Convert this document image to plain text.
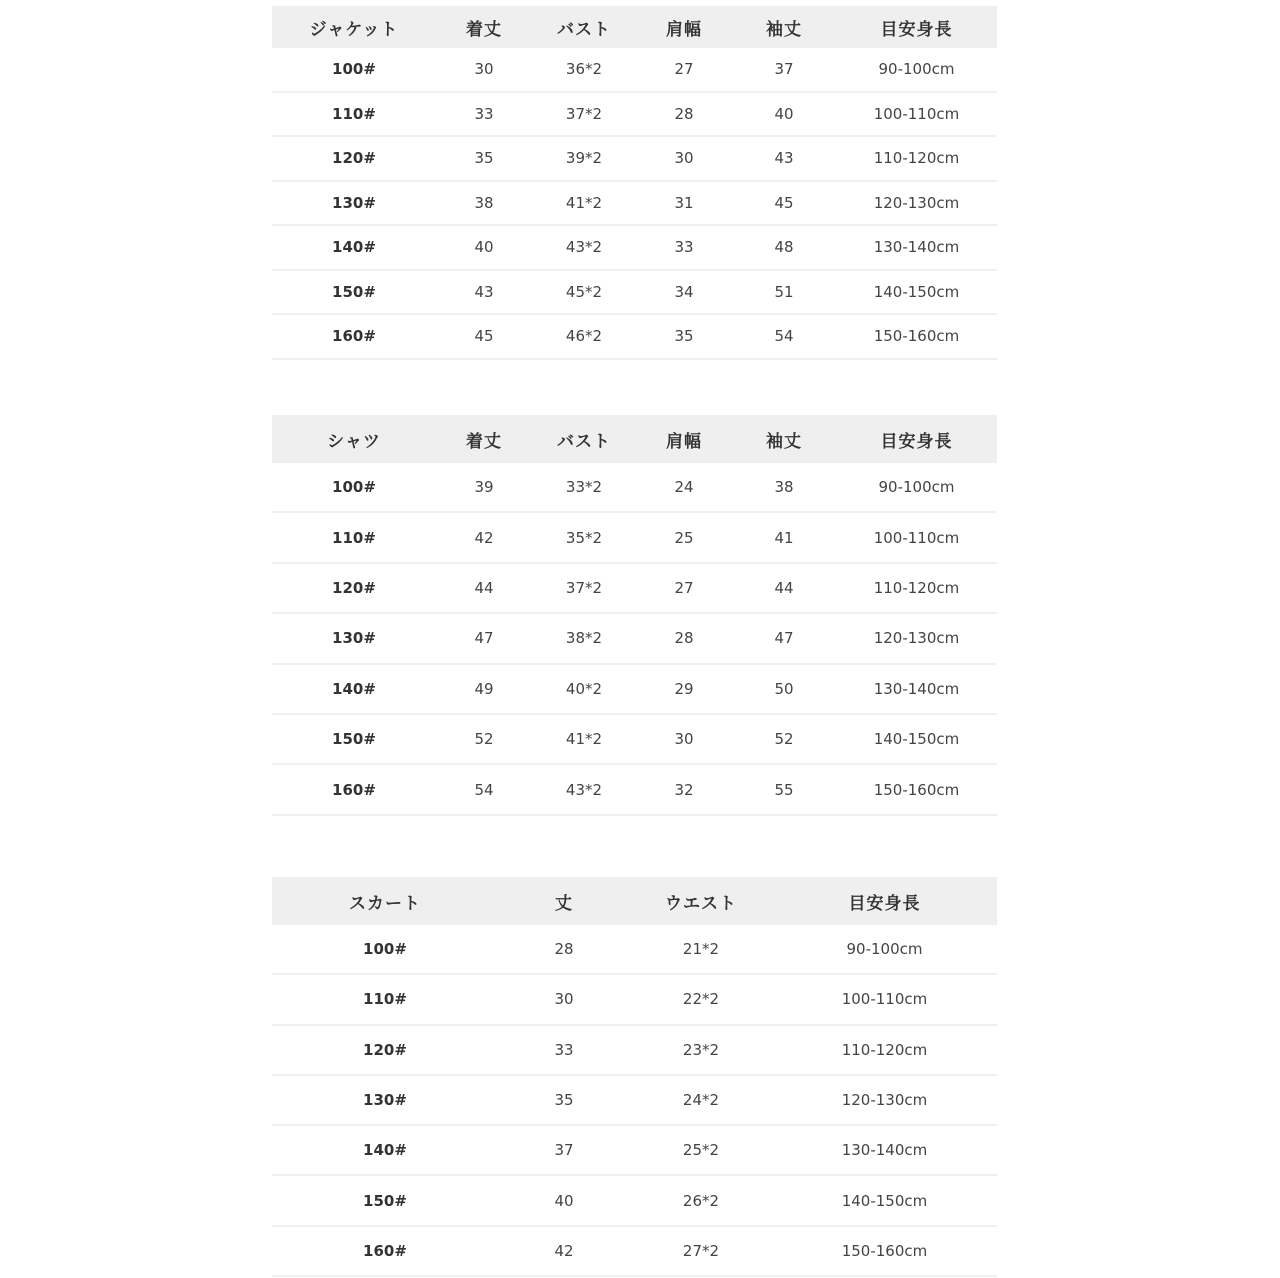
ジャケット	着丈	バスト	肩幅	袖丈	目安身長
100#	30	36*2	27	37	90-100cm
110#	33	37*2	28	40	100-110cm
120#	35	39*2	30	43	110-120cm
130#	38	41*2	31	45	120-130cm
140#	40	43*2	33	48	130-140cm
150#	43	45*2	34	51	140-150cm
160#	45	46*2	35	54	150-160cm
シャツ	着丈	バスト	肩幅	袖丈	目安身長
100#	39	33*2	24	38	90-100cm
110#	42	35*2	25	41	100-110cm
120#	44	37*2	27	44	110-120cm
130#	47	38*2	28	47	120-130cm
140#	49	40*2	29	50	130-140cm
150#	52	41*2	30	52	140-150cm
160#	54	43*2	32	55	150-160cm
スカート	丈	ウエスト	目安身長
100#	28	21*2	90-100cm
110#	30	22*2	100-110cm
120#	33	23*2	110-120cm
130#	35	24*2	120-130cm
140#	37	25*2	130-140cm
150#	40	26*2	140-150cm
160#	42	27*2	150-160cm
